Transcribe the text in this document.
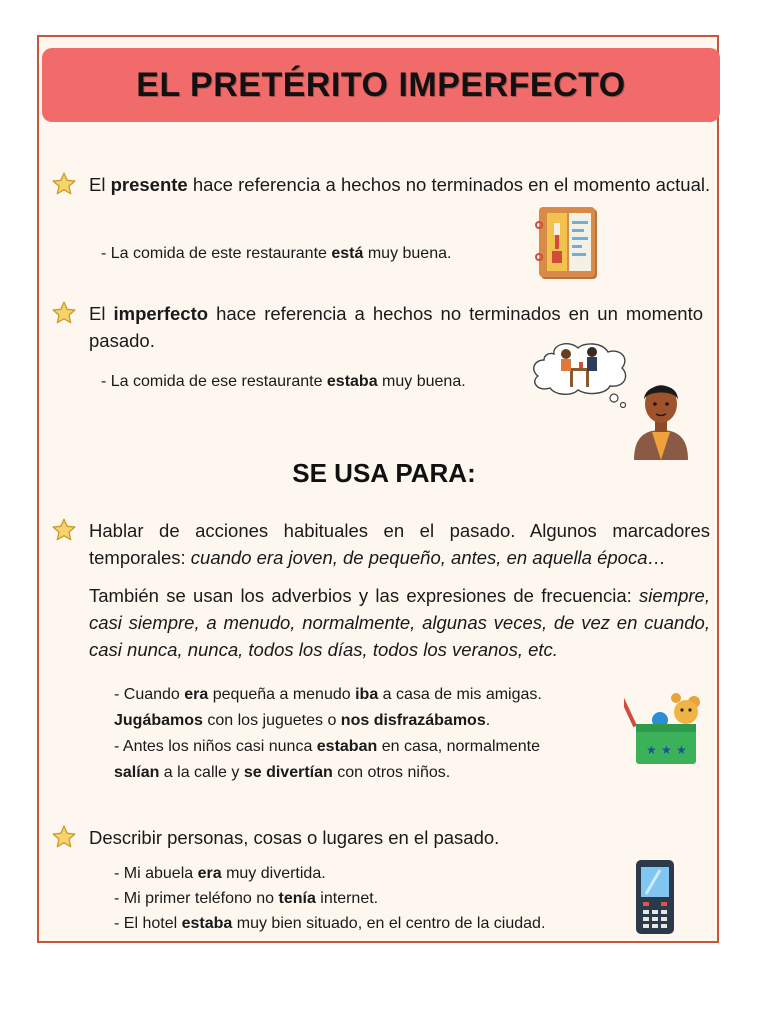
EL PRETÉRITO IMPERFECTO
El presente hace referencia a hechos no terminados en el momento actual.
- La comida de este restaurante está muy buena.
El imperfecto hace referencia a hechos no terminados en un momento pasado.
- La comida de ese restaurante estaba muy buena.
SE USA PARA:
Hablar de acciones habituales en el pasado. Algunos marcadores temporales: cuando era joven, de pequeño, antes, en aquella época…
También se usan los adverbios y las expresiones de frecuencia: siempre, casi siempre, a menudo, normalmente, algunas veces, de vez en cuando, casi nunca, nunca, todos los días, todos los veranos, etc.
- Cuando era pequeña a menudo iba a casa de mis amigas.
Jugábamos con los juguetes o nos disfrazábamos.
- Antes los niños casi nunca estaban en casa, normalmente
salían a la calle y se divertían con otros niños.
★ ★ ★
Describir personas, cosas o lugares en el pasado.
- Mi abuela era muy divertida.
- Mi primer teléfono no tenía internet.
- El hotel estaba muy bien situado, en el centro de la ciudad.
